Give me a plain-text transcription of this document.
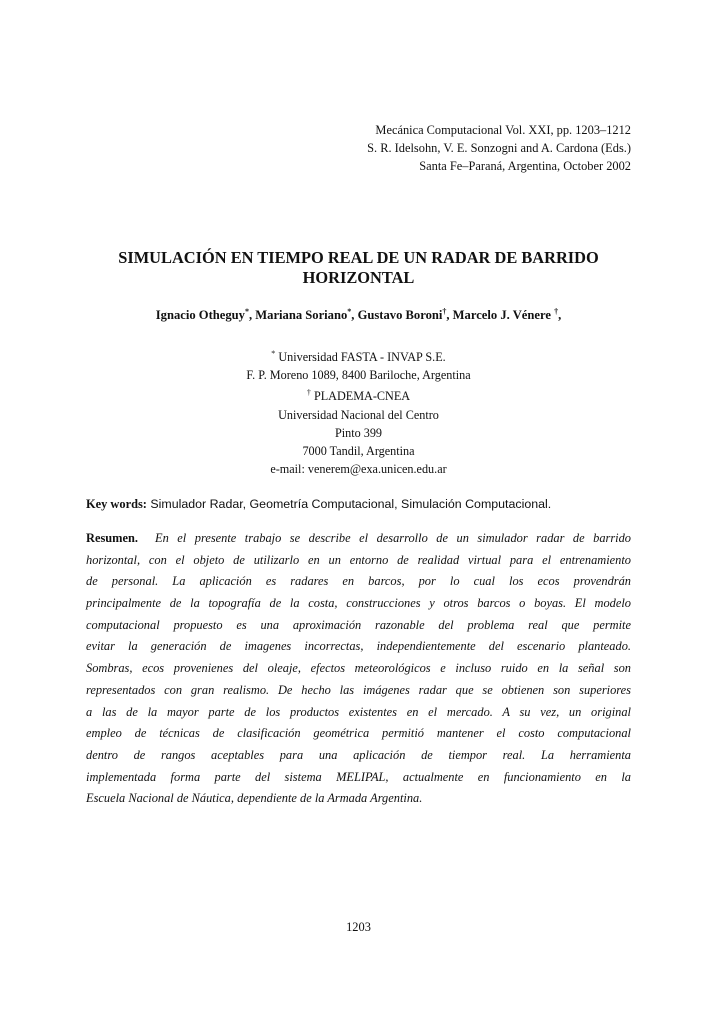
Mecánica Computacional Vol. XXI, pp. 1203–1212
S. R. Idelsohn, V. E. Sonzogni and A. Cardona (Eds.)
Santa Fe–Paraná, Argentina, October 2002
SIMULACIÓN EN TIEMPO REAL DE UN RADAR DE BARRIDO
HORIZONTAL
Ignacio Otheguy*, Mariana Soriano*, Gustavo Boroni†, Marcelo J. Vénere †,
* Universidad FASTA - INVAP S.E.
F. P. Moreno 1089, 8400 Bariloche, Argentina
† PLADEMA-CNEA
Universidad Nacional del Centro
Pinto 399
7000 Tandil, Argentina
e-mail: venerem@exa.unicen.edu.ar
Key words: Simulador Radar, Geometría Computacional, Simulación Computacional.
Resumen. En el presente trabajo se describe el desarrollo de un simulador radar de barrido
horizontal, con el objeto de utilizarlo en un entorno de realidad virtual para el entrenamiento
de personal. La aplicación es radares en barcos, por lo cual los ecos provendrán
principalmente de la topografía de la costa, construcciones y otros barcos o boyas. El modelo
computacional propuesto es una aproximación razonable del problema real que permite
evitar la generación de imagenes incorrectas, independientemente del escenario planteado.
Sombras, ecos provenienes del oleaje, efectos meteorológicos e incluso ruido en la señal son
representados con gran realismo. De hecho las imágenes radar que se obtienen son superiores
a las de la mayor parte de los productos existentes en el mercado. A su vez, un original
empleo de técnicas de clasificación geométrica permitió mantener el costo computacional
dentro de rangos aceptables para una aplicación de tiempor real. La herramienta
implementada forma parte del sistema MELIPAL, actualmente en funcionamiento en la
Escuela Nacional de Náutica, dependiente de la Armada Argentina.
1203
